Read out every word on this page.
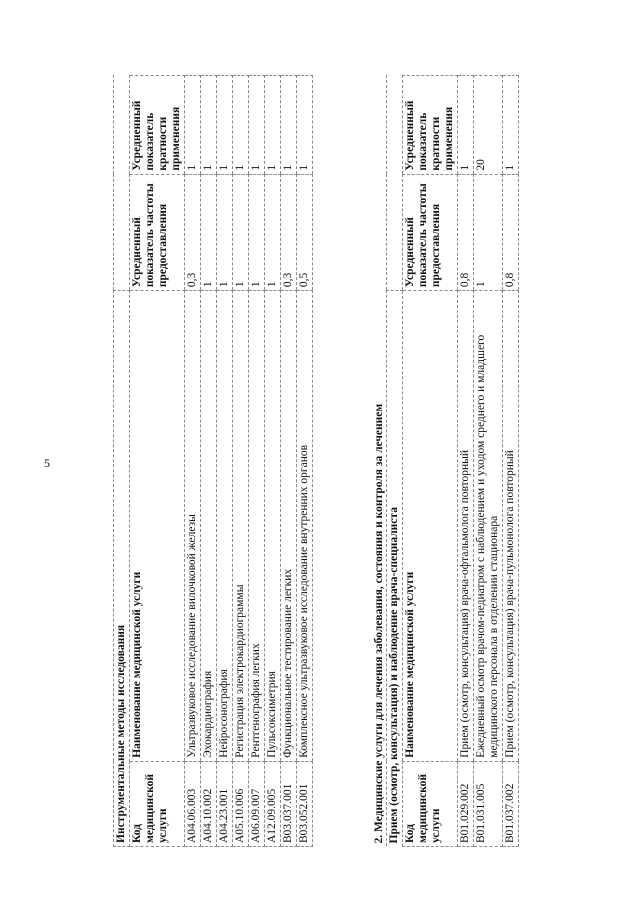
5
Инструментальные методы исследования			
Код медицинской услуги	Наименование медицинской услуги	Усредненный показатель частоты предоставления	Усредненный показатель кратности применения
A04.06.003	Ультразвуковое исследование вилочковой железы	0,3	1
A04.10.002	Эхокардиография	1	1
A04.23.001	Нейросонография	1	1
A05.10.006	Регистрация электрокардиограммы	1	1
A06.09.007	Рентгенография легких	1	1
A12.09.005	Пульсоксиметрия	1	1
B03.037.001	Функциональное тестирование легких	0,3	1
B03.052.001	Комплексное ультразвуковое исследование внутренних органов	0,5	1
2. Медицинские услуги для лечения заболевания, состояния и контроля за лечением			
Прием (осмотр, консультация) и наблюдение врача-специалиста			
Код медицинской услуги	Наименование медицинской услуги	Усредненный показатель частоты предоставления	Усредненный показатель кратности применения
B01.029.002	Прием (осмотр, консультация) врача-офтальмолога повторный	0,8	1
B01.031.005	Ежедневный осмотр врачом-педиатром с наблюдением и уходом среднего и младшего медицинского персонала в отделении стационара	1	20
B01.037.002	Прием (осмотр, консультация) врача-пульмонолога повторный	0,8	1
